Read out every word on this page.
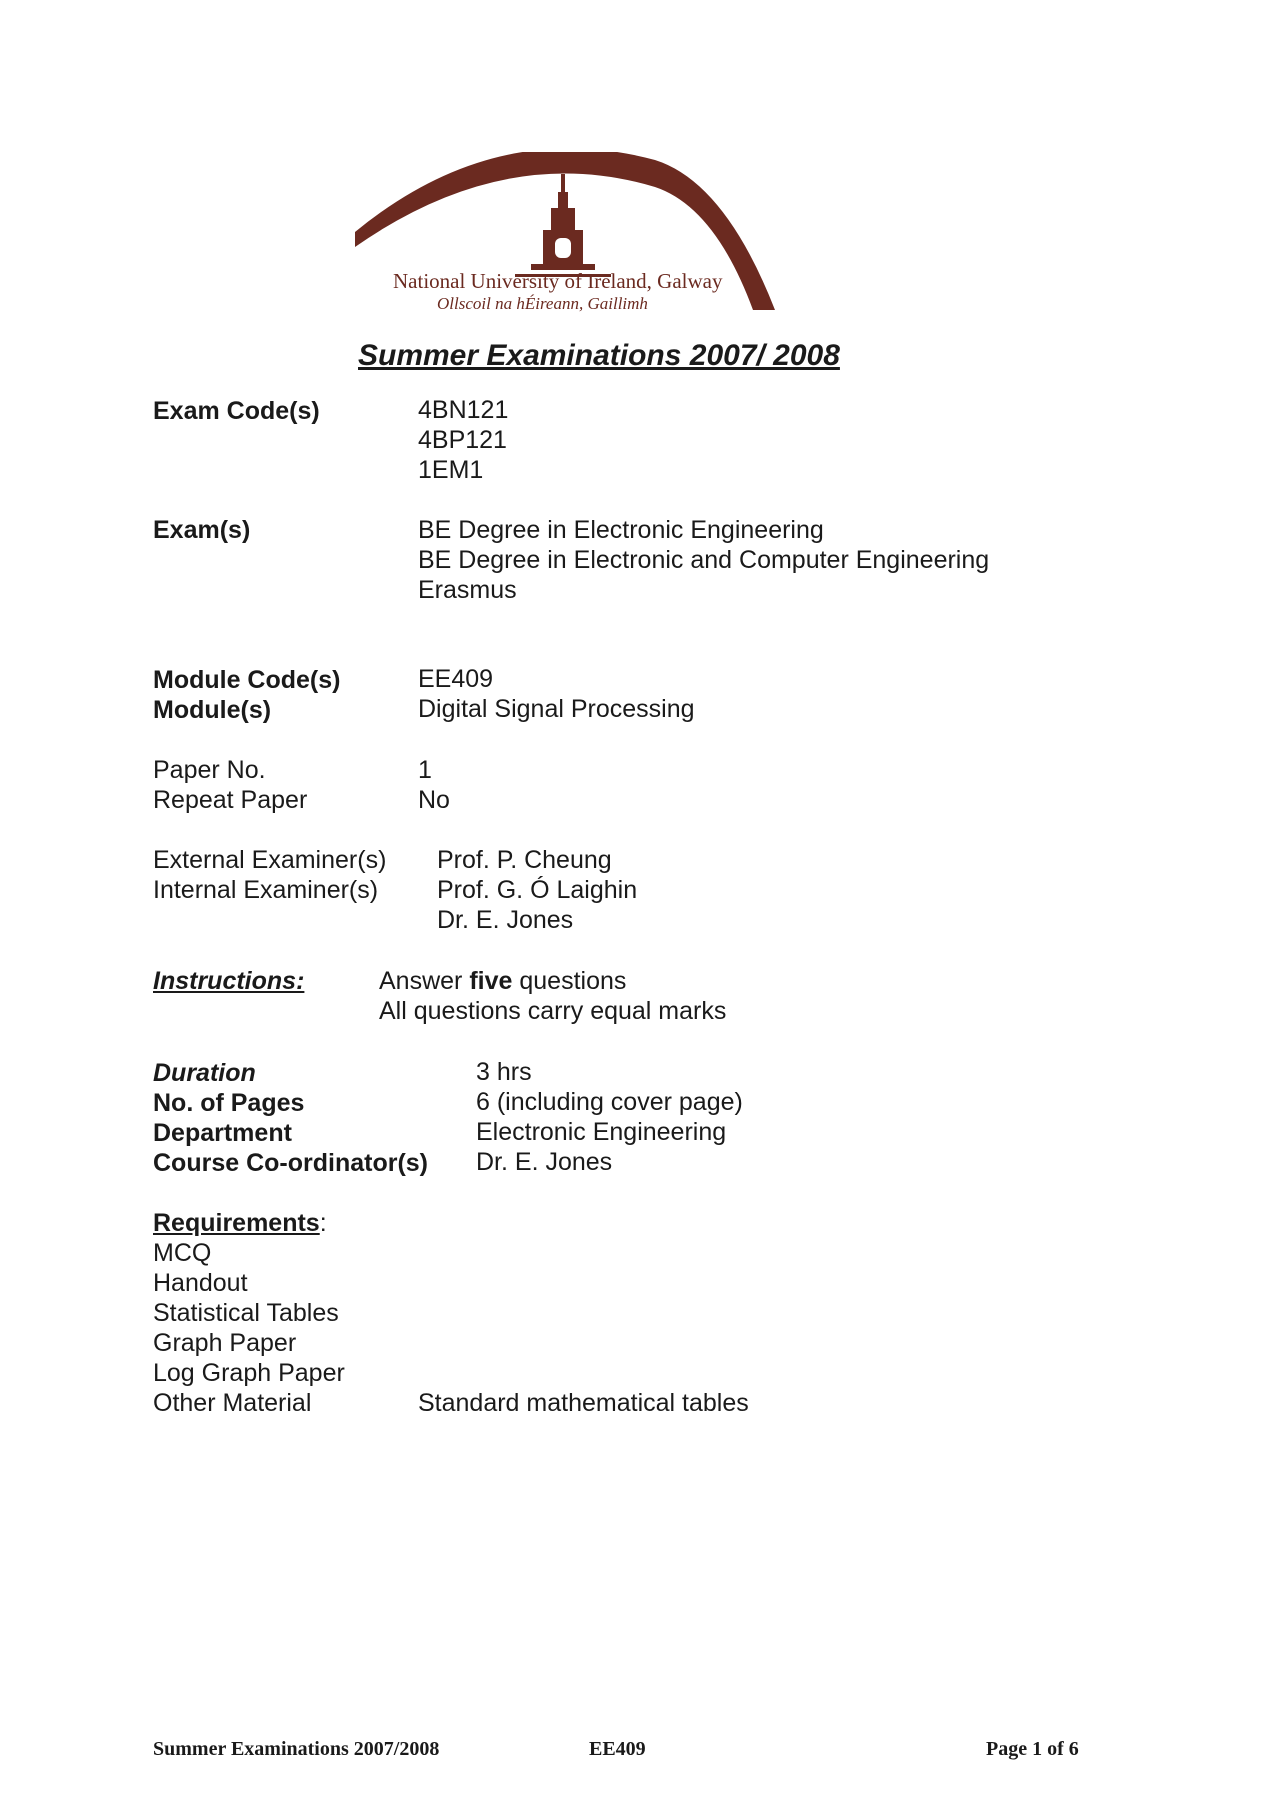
National University of Ireland, Galway
Ollscoil na hÉireann, Gaillimh
Summer Examinations 2007/ 2008
Exam Code(s)	4BN121
4BP121
1EM1
Exam(s)	BE Degree in Electronic Engineering
BE Degree in Electronic and Computer Engineering
Erasmus
Module Code(s)	EE409
Module(s)	Digital Signal Processing
Paper No.	1
Repeat Paper	No
External Examiner(s) Prof. P. Cheung
Internal Examiner(s) Prof. G. Ó Laighin
Dr. E. Jones
Instructions:	Answer five questions
All questions carry equal marks
Duration	3 hrs
No. of Pages	6 (including cover page)
Department	Electronic Engineering
Course Co-ordinator(s) Dr. E. Jones
Requirements:
MCQ
Handout
Statistical Tables
Graph Paper
Log Graph Paper
Other Material	Standard mathematical tables
Summer Examinations 2007/2008	EE409	Page 1 of 6
